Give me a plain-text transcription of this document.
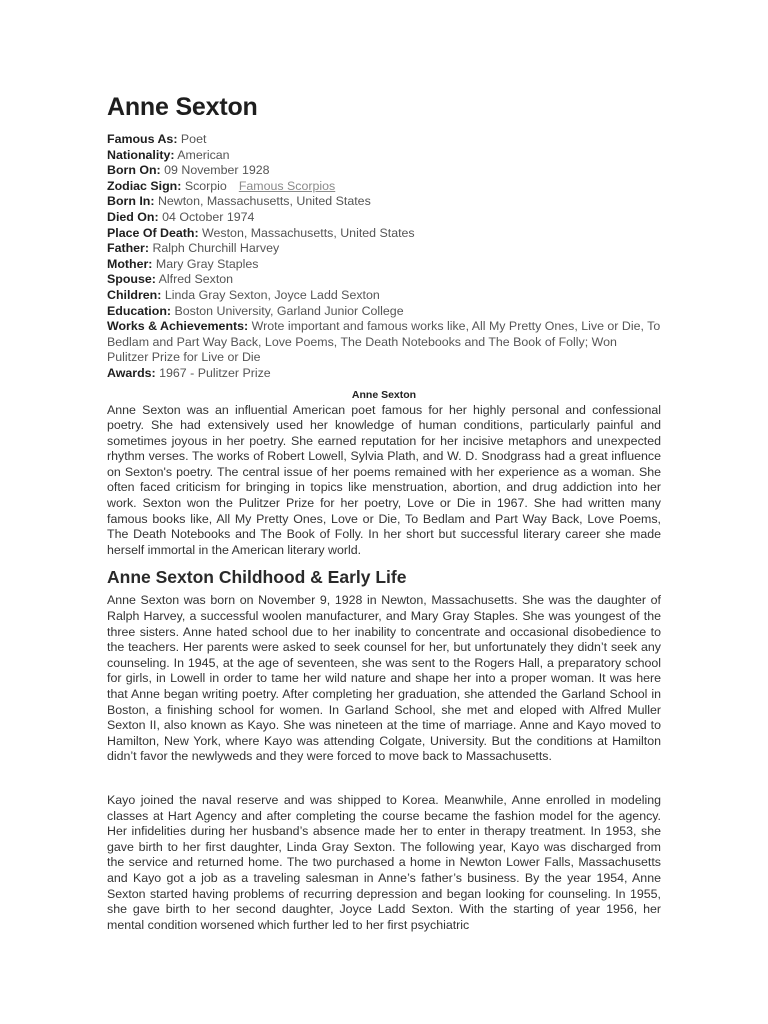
Anne Sexton
Famous As: Poet
Nationality: American
Born On: 09 November 1928
Zodiac Sign: Scorpio Famous Scorpios
Born In: Newton, Massachusetts, United States
Died On: 04 October 1974
Place Of Death: Weston, Massachusetts, United States
Father: Ralph Churchill Harvey
Mother: Mary Gray Staples
Spouse: Alfred Sexton
Children: Linda Gray Sexton, Joyce Ladd Sexton
Education: Boston University, Garland Junior College
Works & Achievements: Wrote important and famous works like, All My Pretty Ones, Live or Die, To Bedlam and Part Way Back, Love Poems, The Death Notebooks and The Book of Folly; Won Pulitzer Prize for Live or Die
Awards: 1967 - Pulitzer Prize
Anne Sexton

Anne Sexton was an influential American poet famous for her highly personal and confessional poetry. She had extensively used her knowledge of human conditions, particularly painful and sometimes joyous in her poetry. She earned reputation for her incisive metaphors and unexpected rhythm verses. The works of Robert Lowell, Sylvia Plath, and W. D. Snodgrass had a great influence on Sexton's poetry. The central issue of her poems remained with her experience as a woman. She often faced criticism for bringing in topics like menstruation, abortion, and drug addiction into her work. Sexton won the Pulitzer Prize for her poetry, Love or Die in 1967. She had written many famous books like, All My Pretty Ones, Love or Die, To Bedlam and Part Way Back, Love Poems, The Death Notebooks and The Book of Folly. In her short but successful literary career she made herself immortal in the American literary world.

Anne Sexton Childhood & Early Life

Anne Sexton was born on November 9, 1928 in Newton, Massachusetts. She was the daughter of Ralph Harvey, a successful woolen manufacturer, and Mary Gray Staples. She was youngest of the three sisters. Anne hated school due to her inability to concentrate and occasional disobedience to the teachers. Her parents were asked to seek counsel for her, but unfortunately they didn’t seek any counseling. In 1945, at the age of seventeen, she was sent to the Rogers Hall, a preparatory school for girls, in Lowell in order to tame her wild nature and shape her into a proper woman. It was here that Anne began writing poetry. After completing her graduation, she attended the Garland School in Boston, a finishing school for women. In Garland School, she met and eloped with Alfred Muller Sexton II, also known as Kayo. She was nineteen at the time of marriage. Anne and Kayo moved to Hamilton, New York, where Kayo was attending Colgate, University. But the conditions at Hamilton didn’t favor the newlyweds and they were forced to move back to Massachusetts.

Kayo joined the naval reserve and was shipped to Korea. Meanwhile, Anne enrolled in modeling classes at Hart Agency and after completing the course became the fashion model for the agency. Her infidelities during her husband’s absence made her to enter in therapy treatment. In 1953, she gave birth to her first daughter, Linda Gray Sexton. The following year, Kayo was discharged from the service and returned home. The two purchased a home in Newton Lower Falls, Massachusetts and Kayo got a job as a traveling salesman in Anne’s father’s business. By the year 1954, Anne Sexton started having problems of recurring depression and began looking for counseling. In 1955, she gave birth to her second daughter, Joyce Ladd Sexton. With the starting of year 1956, her mental condition worsened which further led to her first psychiatric
